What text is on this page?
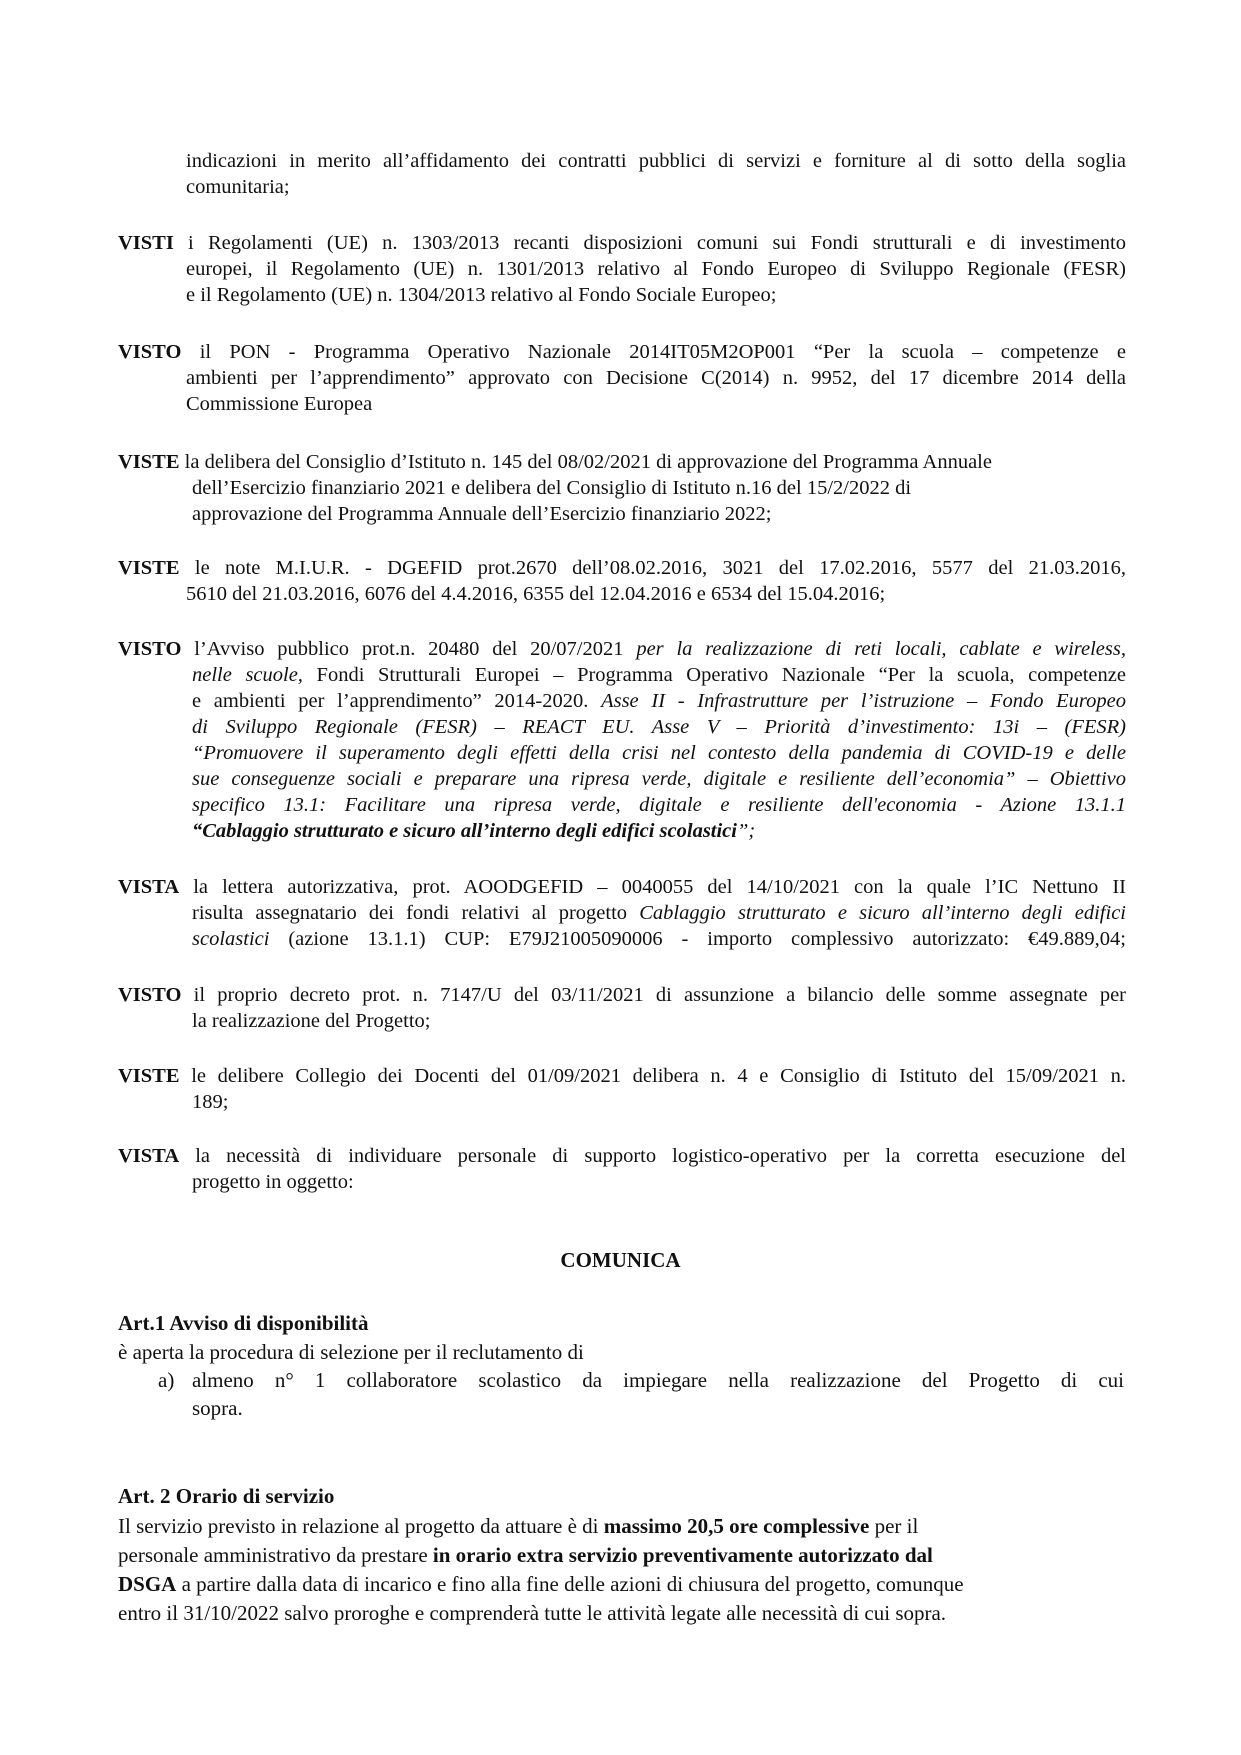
indicazioni in merito all’affidamento dei contratti pubblici di servizi e forniture al di sotto della soglia
comunitaria;
VISTI i Regolamenti (UE) n. 1303/2013 recanti disposizioni comuni sui Fondi strutturali e di investimento
europei, il Regolamento (UE) n. 1301/2013 relativo al Fondo Europeo di Sviluppo Regionale (FESR)
e il Regolamento (UE) n. 1304/2013 relativo al Fondo Sociale Europeo;
VISTO il PON - Programma Operativo Nazionale 2014IT05M2OP001 “Per la scuola – competenze e
ambienti per l’apprendimento” approvato con Decisione C(2014) n. 9952, del 17 dicembre 2014 della
Commissione Europea
VISTE la delibera del Consiglio d’Istituto n. 145 del 08/02/2021 di approvazione del Programma Annuale
dell’Esercizio finanziario 2021 e delibera del Consiglio di Istituto n.16 del 15/2/2022 di
approvazione del Programma Annuale dell’Esercizio finanziario 2022;
VISTE le note M.I.U.R. - DGEFID prot.2670 dell’08.02.2016, 3021 del 17.02.2016, 5577 del 21.03.2016,
5610 del 21.03.2016, 6076 del 4.4.2016, 6355 del 12.04.2016 e 6534 del 15.04.2016;
VISTO l’Avviso pubblico prot.n. 20480 del 20/07/2021 per la realizzazione di reti locali, cablate e wireless,
nelle scuole, Fondi Strutturali Europei – Programma Operativo Nazionale “Per la scuola, competenze
e ambienti per l’apprendimento” 2014-2020. Asse II - Infrastrutture per l’istruzione – Fondo Europeo
di Sviluppo Regionale (FESR) – REACT EU. Asse V – Priorità d’investimento: 13i – (FESR)
“Promuovere il superamento degli effetti della crisi nel contesto della pandemia di COVID-19 e delle
sue conseguenze sociali e preparare una ripresa verde, digitale e resiliente dell’economia” – Obiettivo
specifico 13.1: Facilitare una ripresa verde, digitale e resiliente dell'economia - Azione 13.1.1
“Cablaggio strutturato e sicuro all’interno degli edifici scolastici”;
VISTA la lettera autorizzativa, prot. AOODGEFID – 0040055 del 14/10/2021 con la quale l’IC Nettuno II
risulta assegnatario dei fondi relativi al progetto Cablaggio strutturato e sicuro all’interno degli edifici
scolastici (azione 13.1.1) CUP: E79J21005090006 - importo complessivo autorizzato: €49.889,04;
VISTO il proprio decreto prot. n. 7147/U del 03/11/2021 di assunzione a bilancio delle somme assegnate per
la realizzazione del Progetto;
VISTE le delibere Collegio dei Docenti del 01/09/2021 delibera n. 4 e Consiglio di Istituto del 15/09/2021 n.
189;
VISTA la necessità di individuare personale di supporto logistico-operativo per la corretta esecuzione del
progetto in oggetto:
COMUNICA
Art.1 Avviso di disponibilità
è aperta la procedura di selezione per il reclutamento di
a) almeno n° 1 collaboratore scolastico da impiegare nella realizzazione del Progetto di cui
sopra.
Art. 2 Orario di servizio
Il servizio previsto in relazione al progetto da attuare è di massimo 20,5 ore complessive per il
personale amministrativo da prestare in orario extra servizio preventivamente autorizzato dal
DSGA a partire dalla data di incarico e fino alla fine delle azioni di chiusura del progetto, comunque
entro il 31/10/2022 salvo proroghe e comprenderà tutte le attività legate alle necessità di cui sopra.
